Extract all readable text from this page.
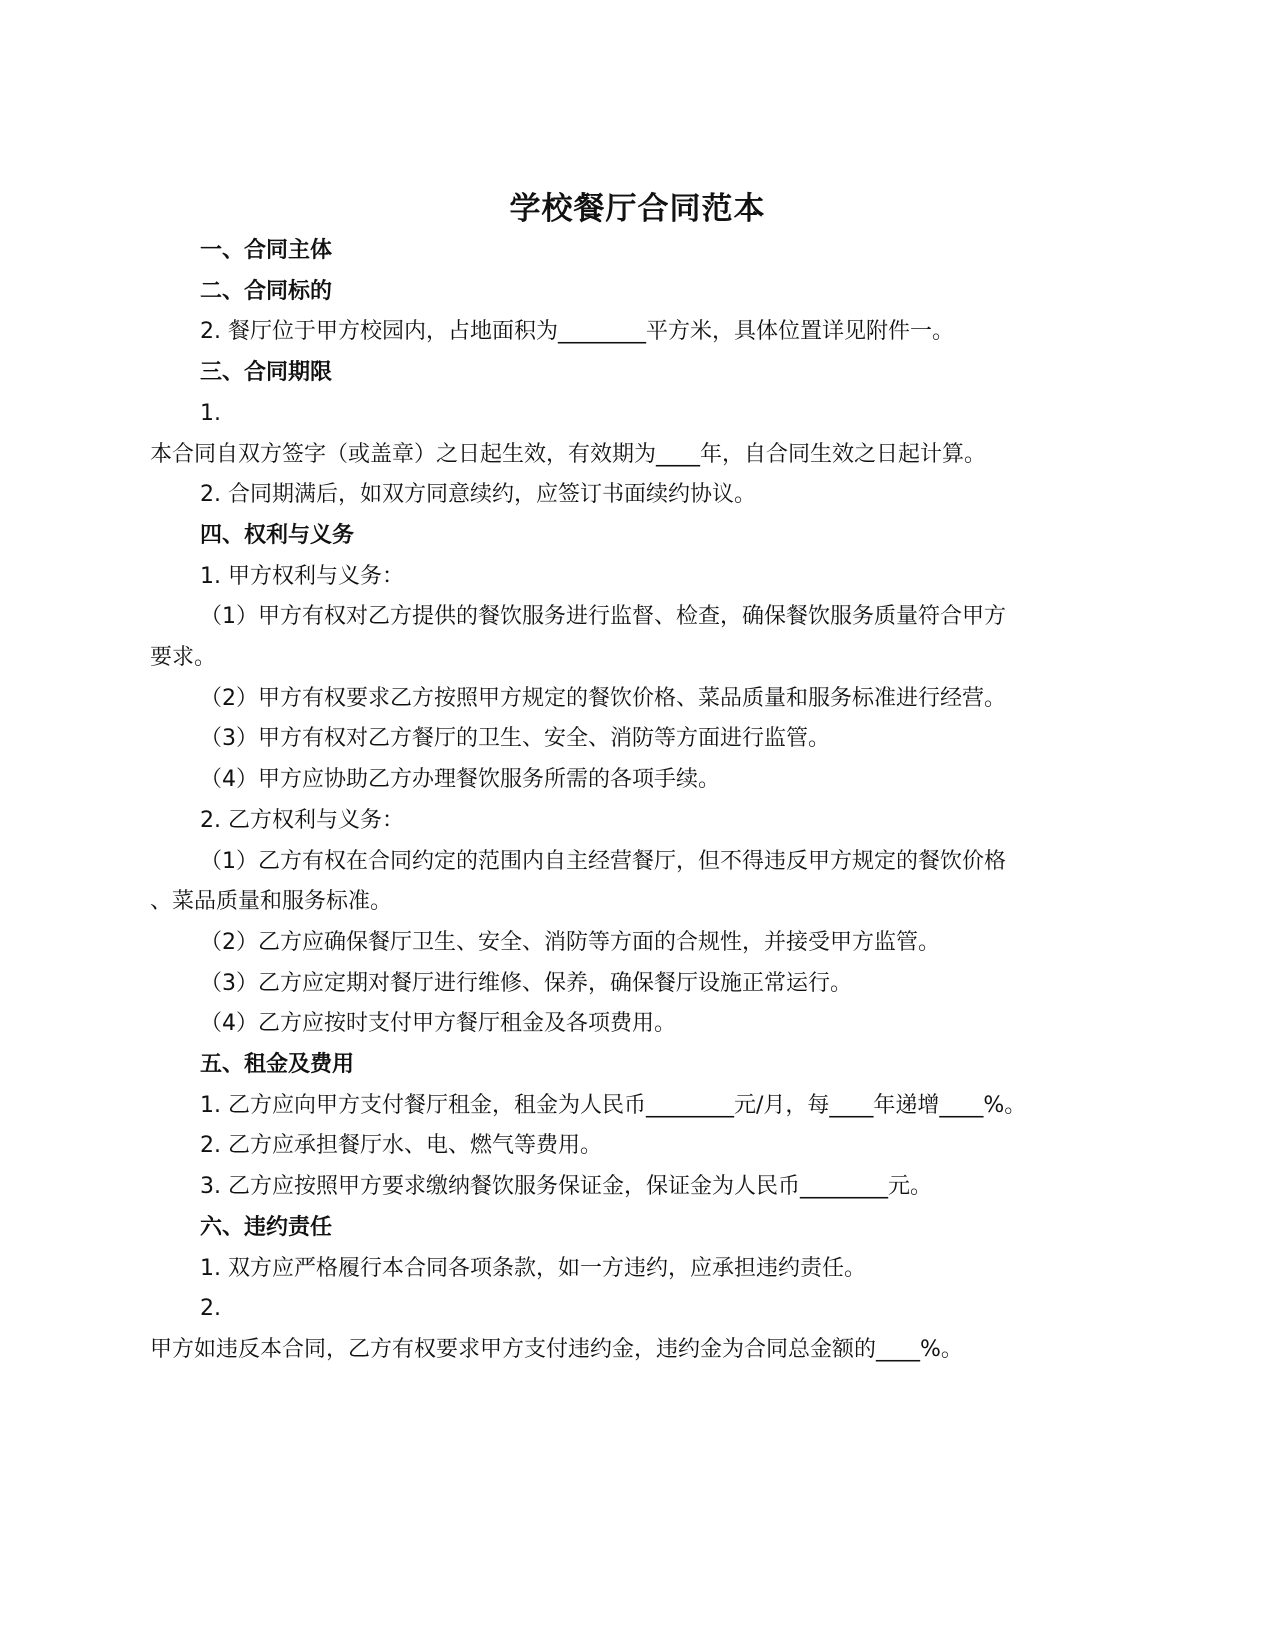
学校餐厅合同范本
一、合同主体
二、合同标的
2. 餐厅位于甲方校园内，占地面积为________平方米，具体位置详见附件一。
三、合同期限
1.
本合同自双方签字（或盖章）之日起生效，有效期为____年，自合同生效之日起计算。
2. 合同期满后，如双方同意续约，应签订书面续约协议。
四、权利与义务
1. 甲方权利与义务：
（1）甲方有权对乙方提供的餐饮服务进行监督、检查，确保餐饮服务质量符合甲方
要求。
（2）甲方有权要求乙方按照甲方规定的餐饮价格、菜品质量和服务标准进行经营。
（3）甲方有权对乙方餐厅的卫生、安全、消防等方面进行监管。
（4）甲方应协助乙方办理餐饮服务所需的各项手续。
2. 乙方权利与义务：
（1）乙方有权在合同约定的范围内自主经营餐厅，但不得违反甲方规定的餐饮价格
、菜品质量和服务标准。
（2）乙方应确保餐厅卫生、安全、消防等方面的合规性，并接受甲方监管。
（3）乙方应定期对餐厅进行维修、保养，确保餐厅设施正常运行。
（4）乙方应按时支付甲方餐厅租金及各项费用。
五、租金及费用
1. 乙方应向甲方支付餐厅租金，租金为人民币________元/月，每____年递增____%。
2. 乙方应承担餐厅水、电、燃气等费用。
3. 乙方应按照甲方要求缴纳餐饮服务保证金，保证金为人民币________元。
六、违约责任
1. 双方应严格履行本合同各项条款，如一方违约，应承担违约责任。
2.
甲方如违反本合同，乙方有权要求甲方支付违约金，违约金为合同总金额的____%。
